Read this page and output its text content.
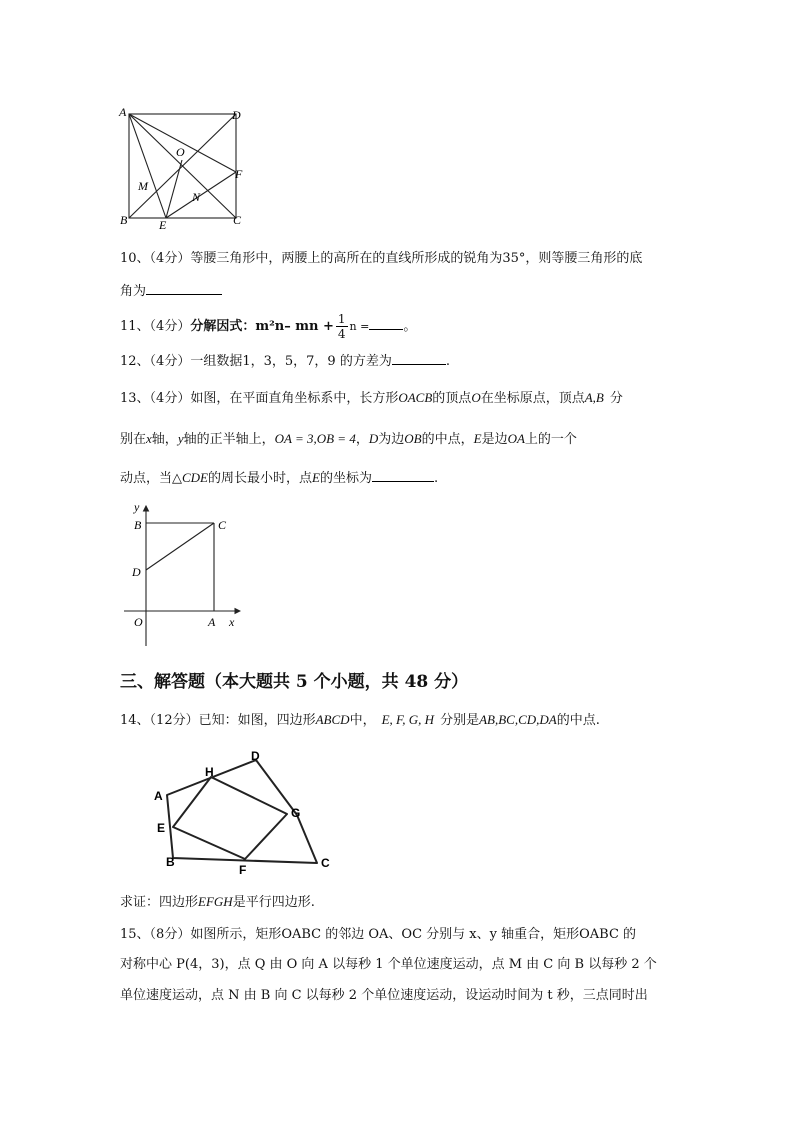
A	D
O
F
M
N
B	E	C
10、（4分）等腰三角形中，两腰上的高所在的直线所形成的锐角为35°，则等腰三角形的底
角为
11、（4分）分解因式：m²n– mn + $\frac{1}{4}$ n =	。
12、（4分）一组数据1，3，5，7，9 的方差为	.
13、（4分）如图，在平面直角坐标系中，长方形OACB的顶点O在坐标原点，顶点A,B 分
别在x轴，y轴的正半轴上，OA = 3,OB = 4，D为边OB的中点，E是边OA上的一个
动点，当△CDE的周长最小时，点E的坐标为	.
y
B	C
D
O	A x
三、解答题（本大题共 5 个小题，共 48 分）
14、（12分）已知：如图，四边形ABCD中， E, F, G, H 分别是AB,BC,CD,DA的中点.
D
H
A
G
E
B
F	C
求证：四边形EFGH是平行四边形.
15、（8分）如图所示，矩形OABC 的邻边 OA、OC 分别与 x、y 轴重合，矩形OABC 的
对称中心 P(4，3)，点 Q 由 O 向 A 以每秒 1 个单位速度运动，点 M 由 C 向 B 以每秒 2 个
单位速度运动，点 N 由 B 向 C 以每秒 2 个单位速度运动，设运动时间为 t 秒，三点同时出
